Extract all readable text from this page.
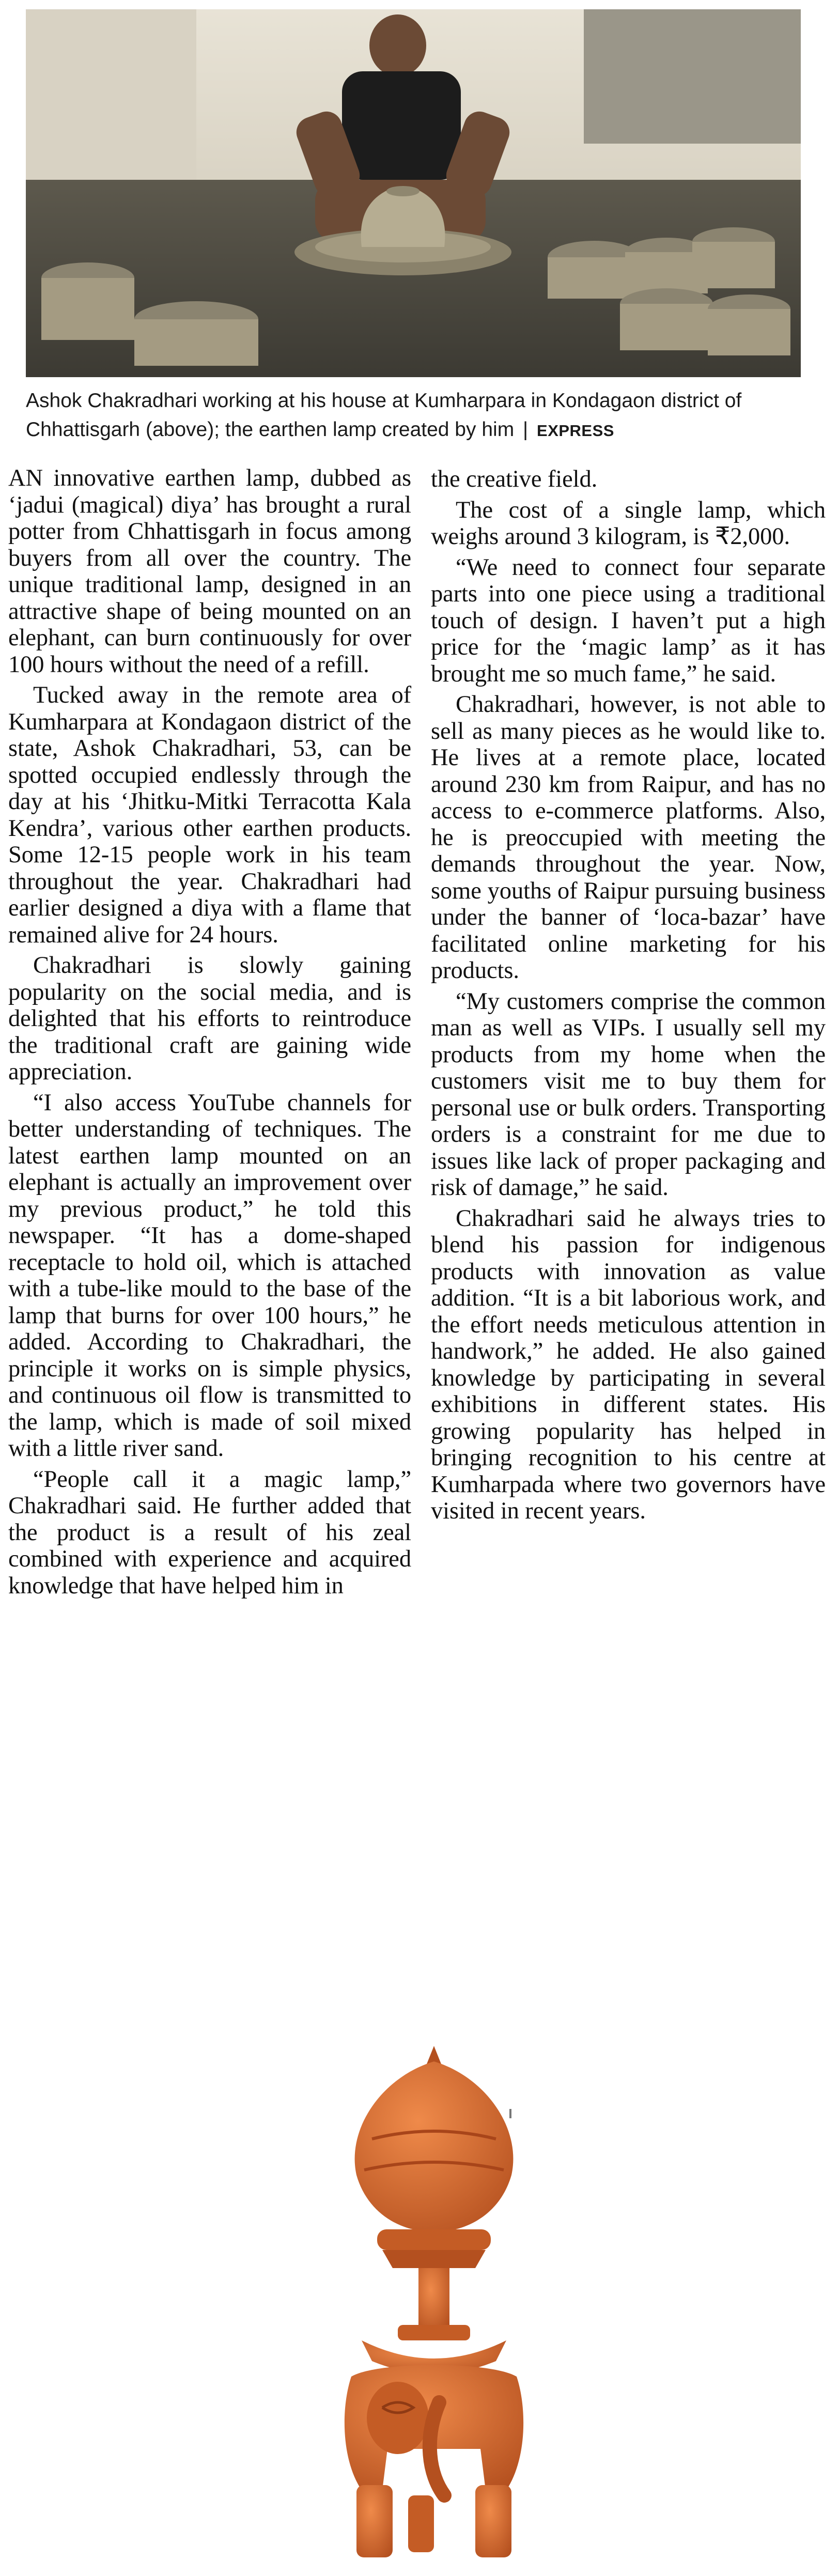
Ashok Chakradhari working at his house at Kumharpara in Kondagaon district of Chhattisgarh (above); the earthen lamp created by him | EXPRESS

AN innovative earthen lamp, dubbed as ‘jadui (magical) diya’ has brought a rural potter from Chhattisgarh in focus among buyers from all over the country. The unique traditional lamp, designed in an attractive shape of being mounted on an elephant, can burn continuously for over 100 hours without the need of a refill.

Tucked away in the remote area of Kumharpara at Kondagaon district of the state, Ashok Chakradhari, 53, can be spotted occupied endlessly through the day at his ‘Jhitku-Mitki Terracotta Kala Kendra’, various other earthen products. Some 12-15 people work in his team throughout the year. Chakradhari had earlier designed a diya with a flame that remained alive for 24 hours.

Chakradhari is slowly gaining popularity on the social media, and is delighted that his efforts to reintroduce the traditional craft are gaining wide appreciation.

“I also access YouTube channels for better understanding of techniques. The latest earthen lamp mounted on an elephant is actually an improvement over my previous product,” he told this newspaper. “It has a dome-shaped receptacle to hold oil, which is attached with a tube-like mould to the base of the lamp that burns for over 100 hours,” he added. According to Chakradhari, the principle it works on is simple physics, and continuous oil flow is transmitted to the lamp, which is made of soil mixed with a little river sand.

“People call it a magic lamp,” Chakradhari said. He further added that the product is a result of his zeal combined with experience and acquired knowledge that have helped him in

the creative field.

The cost of a single lamp, which weighs around 3 kilogram, is ₹2,000.

“We need to connect four separate parts into one piece using a traditional touch of design. I haven’t put a high price for the ‘magic lamp’ as it has brought me so much fame,” he said.

Chakradhari, however, is not able to sell as many pieces as he would like to. He lives at a remote place, located around 230 km from Raipur, and has no access to e-commerce platforms. Also, he is preoccupied with meeting the demands throughout the year. Now, some youths of Raipur pursuing business under the banner of ‘loca-bazar’ have facilitated online marketing for his products.

“My customers comprise the common man as well as VIPs. I usually sell my products from my home when the customers visit me to buy them for personal use or bulk orders. Transporting orders is a constraint for me due to issues like lack of proper packaging and risk of damage,” he said.

Chakradhari said he always tries to blend his passion for indigenous products with innovation as value addition. “It is a bit laborious work, and the effort needs meticulous attention in handwork,” he added. He also gained knowledge by participating in several exhibitions in different states. His growing popularity has helped in bringing recognition to his centre at Kumharpada where two governors have visited in recent years.
